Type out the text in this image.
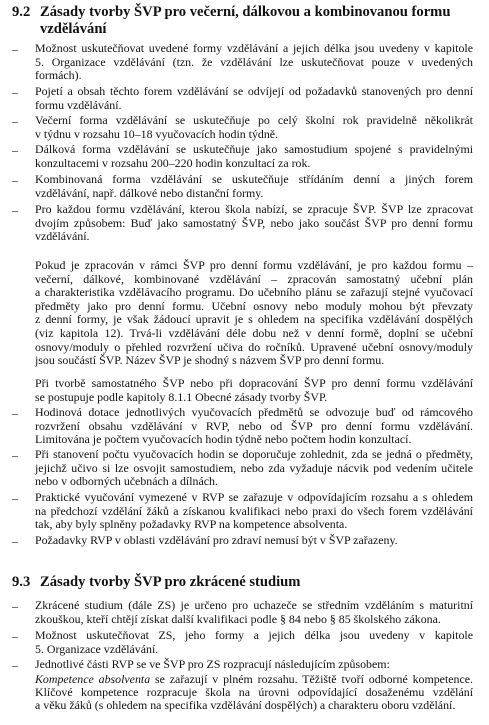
9.2 Zásady tvorby ŠVP pro večerní, dálkovou a kombinovanou formu
vzdělávání
– Možnost uskutečňovat uvedené formy vzdělávání a jejich délka jsou uvedeny v kapitole
5. Organizace vzdělávání (tzn. že vzdělávání lze uskutečňovat pouze v uvedených
formách).
– Pojetí a obsah těchto forem vzdělávání se odvíjejí od požadavků stanovených pro denní
formu vzdělávání.
– Večerní forma vzdělávání se uskutečňuje po celý školní rok pravidelně několikrát
v týdnu v rozsahu 10–18 vyučovacích hodin týdně.
– Dálková forma vzdělávání se uskutečňuje jako samostudium spojené s pravidelnými
konzultacemi v rozsahu 200–220 hodin konzultací za rok.
– Kombinovaná forma vzdělávání se uskutečňuje střídáním denní a jiných forem
vzdělávání, např. dálkové nebo distanční formy.
– Pro každou formu vzdělávání, kterou škola nabízí, se zpracuje ŠVP. ŠVP lze zpracovat
dvojím způsobem: Buď jako samostatný ŠVP, nebo jako součást ŠVP pro denní formu
vzdělávání.
Pokud je zpracován v rámci ŠVP pro denní formu vzdělávání, je pro každou formu –
večerní, dálkové, kombinované vzdělávání – zpracován samostatný učební plán
a charakteristika vzdělávacího programu. Do učebního plánu se zařazují stejné vyučovací
předměty jako pro denní formu. Učební osnovy nebo moduly mohou být převzaty
z denní formy, je však žádoucí upravit je s ohledem na specifika vzdělávání dospělých
(viz kapitola 12). Trvá-li vzdělávání déle dobu než v denní formě, doplní se učební
osnovy/moduly o přehled rozvržení učiva do ročníků. Upravené učební osnovy/moduly
jsou součástí ŠVP. Název ŠVP je shodný s názvem ŠVP pro denní formu.
Při tvorbě samostatného ŠVP nebo při dopracování ŠVP pro denní formu vzdělávání
se postupuje podle kapitoly 8.1.1 Obecné zásady tvorby ŠVP.
– Hodinová dotace jednotlivých vyučovacích předmětů se odvozuje buď od rámcového
rozvržení obsahu vzdělávání v RVP, nebo od ŠVP pro denní formu vzdělávání.
Limitována je počtem vyučovacích hodin týdně nebo počtem hodin konzultací.
– Při stanovení počtu vyučovacích hodin se doporučuje zohlednit, zda se jedná o předměty,
jejichž učivo si lze osvojit samostudiem, nebo zda vyžaduje nácvik pod vedením učitele
nebo v odborných učebnách a dílnách.
– Praktické vyučování vymezené v RVP se zařazuje v odpovídajícím rozsahu a s ohledem
na předchozí vzdělání žáků a získanou kvalifikaci nebo praxi do všech forem vzdělávání
tak, aby byly splněny požadavky RVP na kompetence absolventa.
– Požadavky RVP v oblasti vzdělávání pro zdraví nemusí být v ŠVP zařazeny.
9.3 Zásady tvorby ŠVP pro zkrácené studium
– Zkrácené studium (dále ZS) je určeno pro uchazeče se středním vzděláním s maturitní
zkouškou, kteří chtějí získat další kvalifikaci podle § 84 nebo § 85 školského zákona.
– Možnost uskutečňovat ZS, jeho formy a jejich délka jsou uvedeny v kapitole
5. Organizace vzdělávání.
– Jednotlivé části RVP se ve ŠVP pro ZS rozpracují následujícím způsobem:
Kompetence absolventa se zařazují v plném rozsahu. Těžiště tvoří odborné kompetence.
Klíčové kompetence rozpracuje škola na úrovni odpovídající dosaženému vzdělání
a věku žáků (s ohledem na specifika vzdělávání dospělých) a charakteru oboru vzdělání.
